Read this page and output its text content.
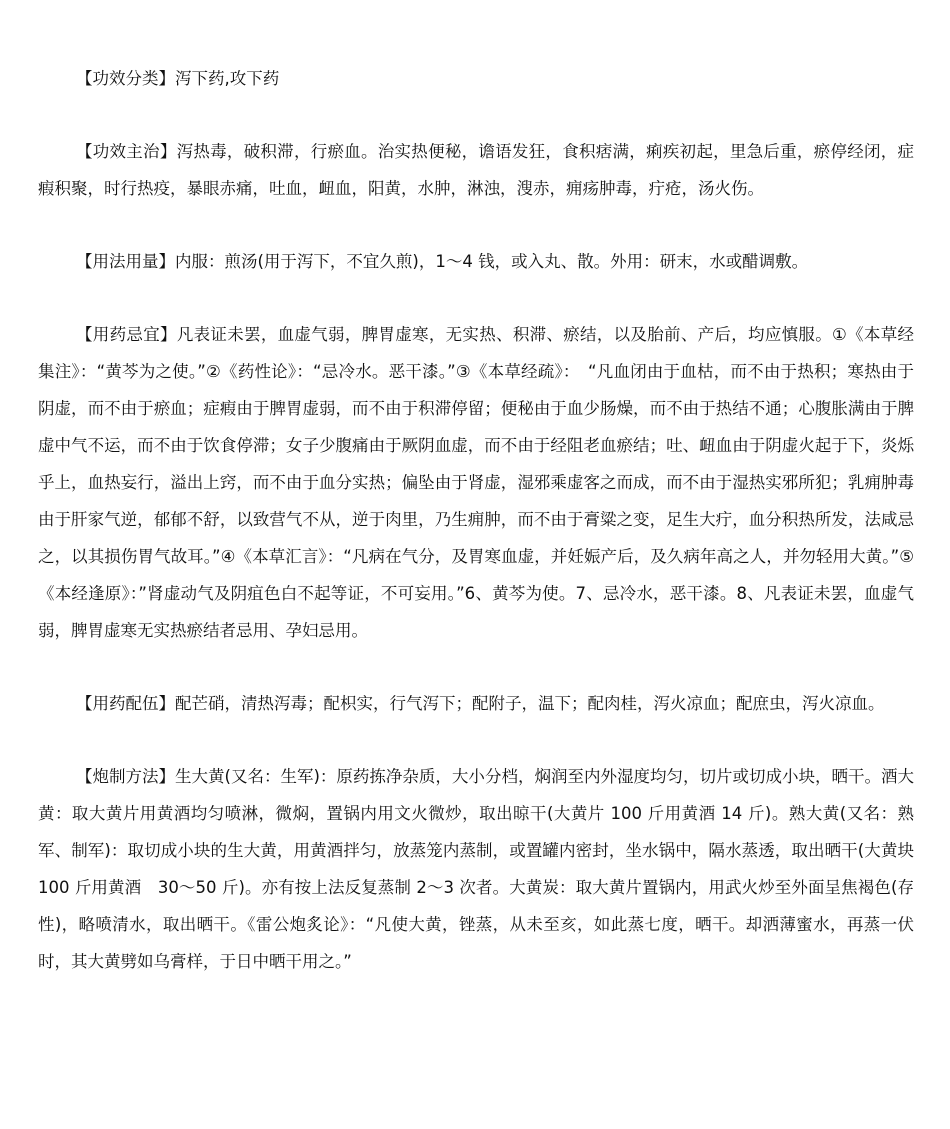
【功效分类】泻下药,攻下药

【功效主治】泻热毒，破积滞，行瘀血。治实热便秘，谵语发狂，食积痞满，痢疾初起，里急后重，瘀停经闭，症瘕积聚，时行热疫，暴眼赤痛，吐血，衄血，阳黄，水肿，淋浊，溲赤，痈疡肿毒，疔疮，汤火伤。

【用法用量】内服：煎汤(用于泻下，不宜久煎)，1～4 钱，或入丸、散。外用：研末，水或醋调敷。

【用药忌宜】凡表证未罢，血虚气弱，脾胃虚寒，无实热、积滞、瘀结，以及胎前、产后，均应慎服。①《本草经集注》：“黄芩为之使。”②《药性论》：“忌冷水。恶干漆。”③《本草经疏》：　“凡血闭由于血枯，而不由于热积；寒热由于阴虚，而不由于瘀血；症瘕由于脾胃虚弱，而不由于积滞停留；便秘由于血少肠燥，而不由于热结不通；心腹胀满由于脾虚中气不运，而不由于饮食停滞；女子少腹痛由于厥阴血虚，而不由于经阻老血瘀结；吐、衄血由于阴虚火起于下，炎烁乎上，血热妄行，溢出上窍，而不由于血分实热；偏坠由于肾虚，湿邪乘虚客之而成，而不由于湿热实邪所犯；乳痈肿毒由于肝家气逆，郁郁不舒，以致营气不从，逆于肉里，乃生痈肿，而不由于膏粱之变，足生大疔，血分积热所发，法咸忌之，以其损伤胃气故耳。”④《本草汇言》：“凡病在气分，及胃寒血虚，并妊娠产后，及久病年高之人，并勿轻用大黄。”⑤《本经逢原》：”肾虚动气及阴疽色白不起等证，不可妄用。”6、黄芩为使。7、忌冷水，恶干漆。8、凡表证未罢，血虚气弱，脾胃虚寒无实热瘀结者忌用、孕妇忌用。

【用药配伍】配芒硝，清热泻毒；配枳实，行气泻下；配附子，温下；配肉桂，泻火凉血；配庶虫，泻火凉血。

【炮制方法】生大黄(又名：生军)：原药拣净杂质，大小分档，焖润至内外湿度均匀，切片或切成小块，晒干。酒大黄：取大黄片用黄酒均匀喷淋，微焖，置锅内用文火微炒，取出晾干(大黄片 100 斤用黄酒 14 斤)。熟大黄(又名：熟军、制军)：取切成小块的生大黄，用黄酒拌匀，放蒸笼内蒸制，或置罐内密封，坐水锅中，隔水蒸透，取出晒干(大黄块 100 斤用黄酒　30～50 斤)。亦有按上法反复蒸制 2～3 次者。大黄炭：取大黄片置锅内，用武火炒至外面呈焦褐色(存性)，略喷清水，取出晒干。《雷公炮炙论》：“凡使大黄，锉蒸，从未至亥，如此蒸七度，晒干。却洒薄蜜水，再蒸一伏时，其大黄劈如乌膏样，于日中晒干用之。”
